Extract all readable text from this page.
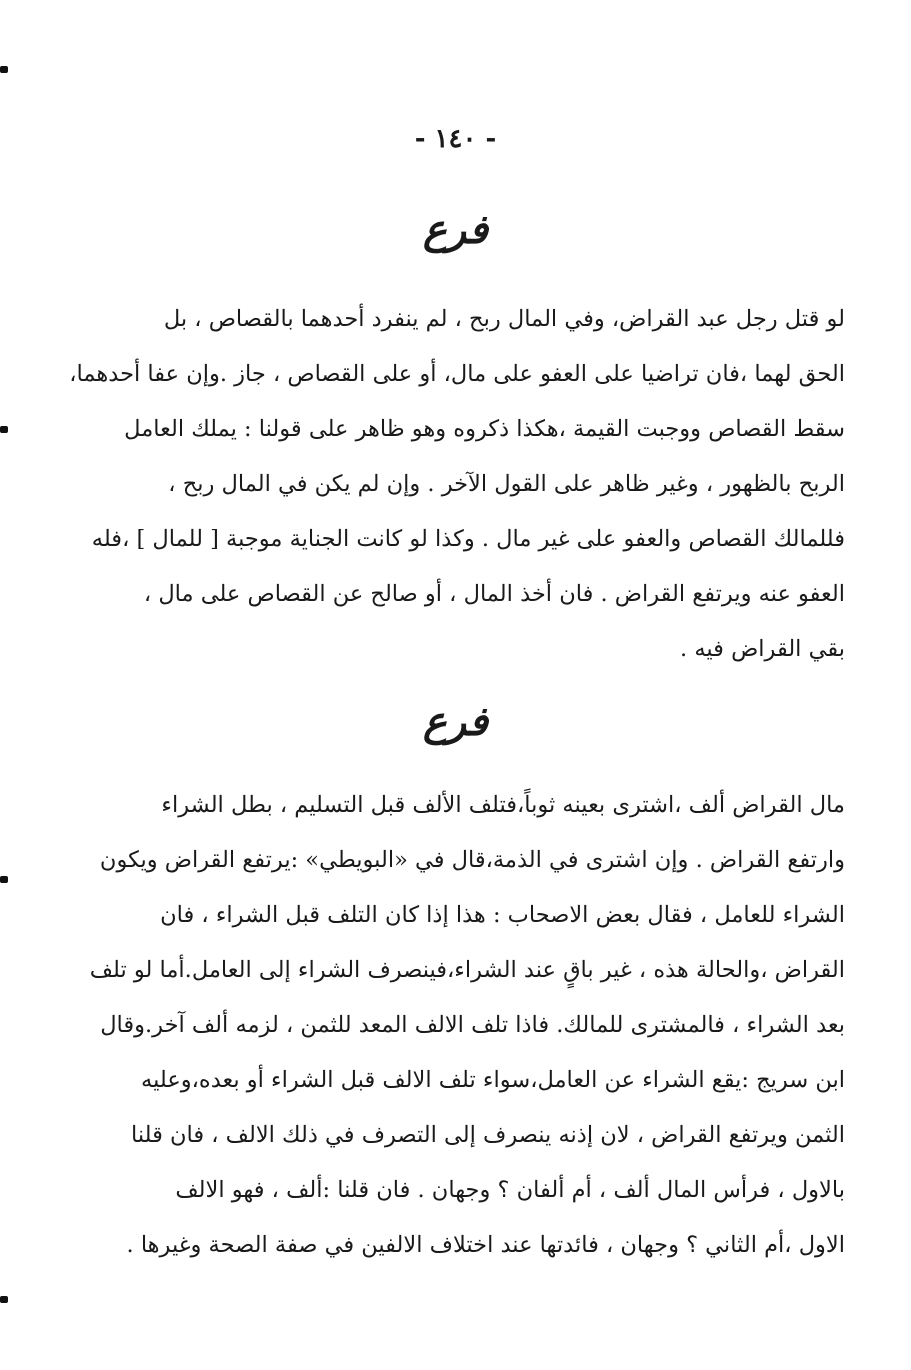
- ١٤٠ -
فرع
لو قتل رجل عبد القراض، وفي المال ربح ، لم ينفرد أحدهما بالقصاص ، بل
الحق لهما ،فان تراضيا على العفو على مال، أو على القصاص ، جاز .وإن عفا أحدهما،
سقط القصاص ووجبت القيمة ،هكذا ذكروه وهو ظاهر على قولنا : يملك العامل
الربح بالظهور ، وغير ظاهر على القول الآخر . وإن لم يكن في المال ربح ،
فللمالك القصاص والعفو على غير مال . وكذا لو كانت الجناية موجبة [ للمال ] ،فله
العفو عنه ويرتفع القراض . فان أخذ المال ، أو صالح عن القصاص على مال ،
بقي القراض فيه .
فرع
مال القراض ألف ،اشترى بعينه ثوباً،فتلف الألف قبل التسليم ، بطل الشراء
وارتفع القراض . وإن اشترى في الذمة،قال في «البويطي» :يرتفع القراض ويكون
الشراء للعامل ، فقال بعض الاصحاب : هذا إذا كان التلف قبل الشراء ، فان
القراض ،والحالة هذه ، غير باقٍ عند الشراء،فينصرف الشراء إلى العامل.أما لو تلف
بعد الشراء ، فالمشترى للمالك. فاذا تلف الالف المعد للثمن ، لزمه ألف آخر.وقال
ابن سريج :يقع الشراء عن العامل،سواء تلف الالف قبل الشراء أو بعده،وعليه
الثمن ويرتفع القراض ، لان إذنه ينصرف إلى التصرف في ذلك الالف ، فان قلنا
بالاول ، فرأس المال ألف ، أم ألفان ؟ وجهان . فان قلنا :ألف ، فهو الالف
الاول ،أم الثاني ؟ وجهان ، فائدتها عند اختلاف الالفين في صفة الصحة وغيرها .
